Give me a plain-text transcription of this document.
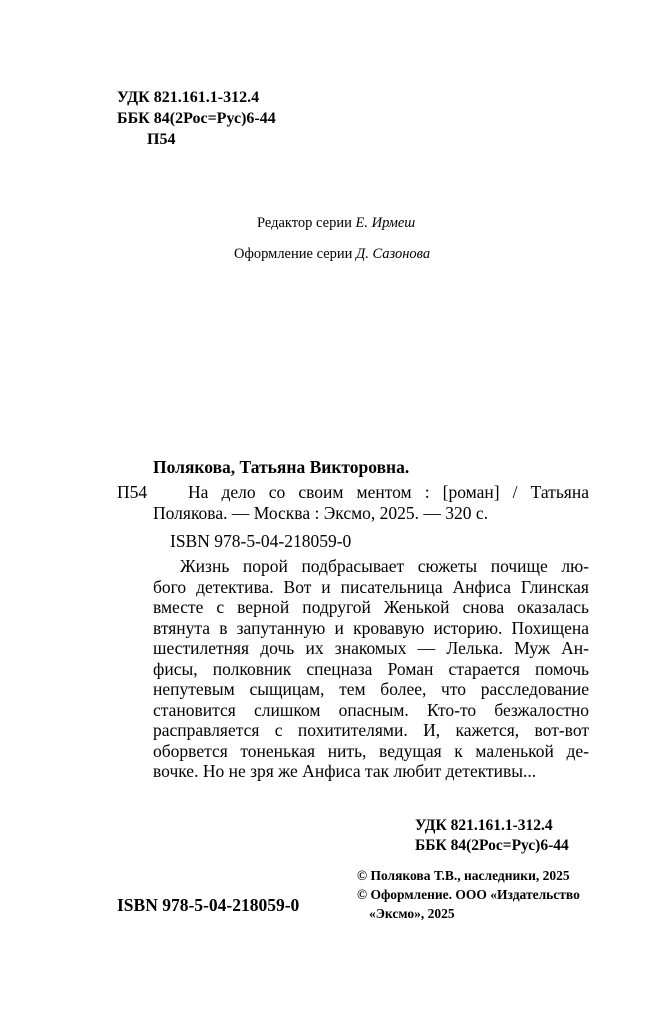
УДК 821.161.1-312.4
ББК 84(2Рос=Рус)6-44
П54
Редактор серии Е. Ирмеш
Оформление серии Д. Сазонова
Полякова, Татьяна Викторовна.
П54 На дело со своим ментом : [роман] / Татьяна
Полякова. — Москва : Эксмо, 2025. — 320 с.
ISBN 978-5-04-218059-0
Жизнь порой подбрасывает сюжеты почище лю-
бого детектива. Вот и писательница Анфиса Глинская
вместе с верной подругой Женькой снова оказалась
втянута в запутанную и кровавую историю. Похищена
шестилетняя дочь их знакомых — Лелька. Муж Ан-
фисы, полковник спецназа Роман старается помочь
непутевым сыщицам, тем более, что расследование
становится слишком опасным. Кто-то безжалостно
расправляется с похитителями. И, кажется, вот-вот
оборвется тоненькая нить, ведущая к маленькой де-
вочке. Но не зря же Анфиса так любит детективы...
УДК 821.161.1-312.4
ББК 84(2Рос=Рус)6-44
© Полякова Т.В., наследники, 2025
© Оформление. ООО «Издательство
«Эксмо», 2025
ISBN 978-5-04-218059-0
